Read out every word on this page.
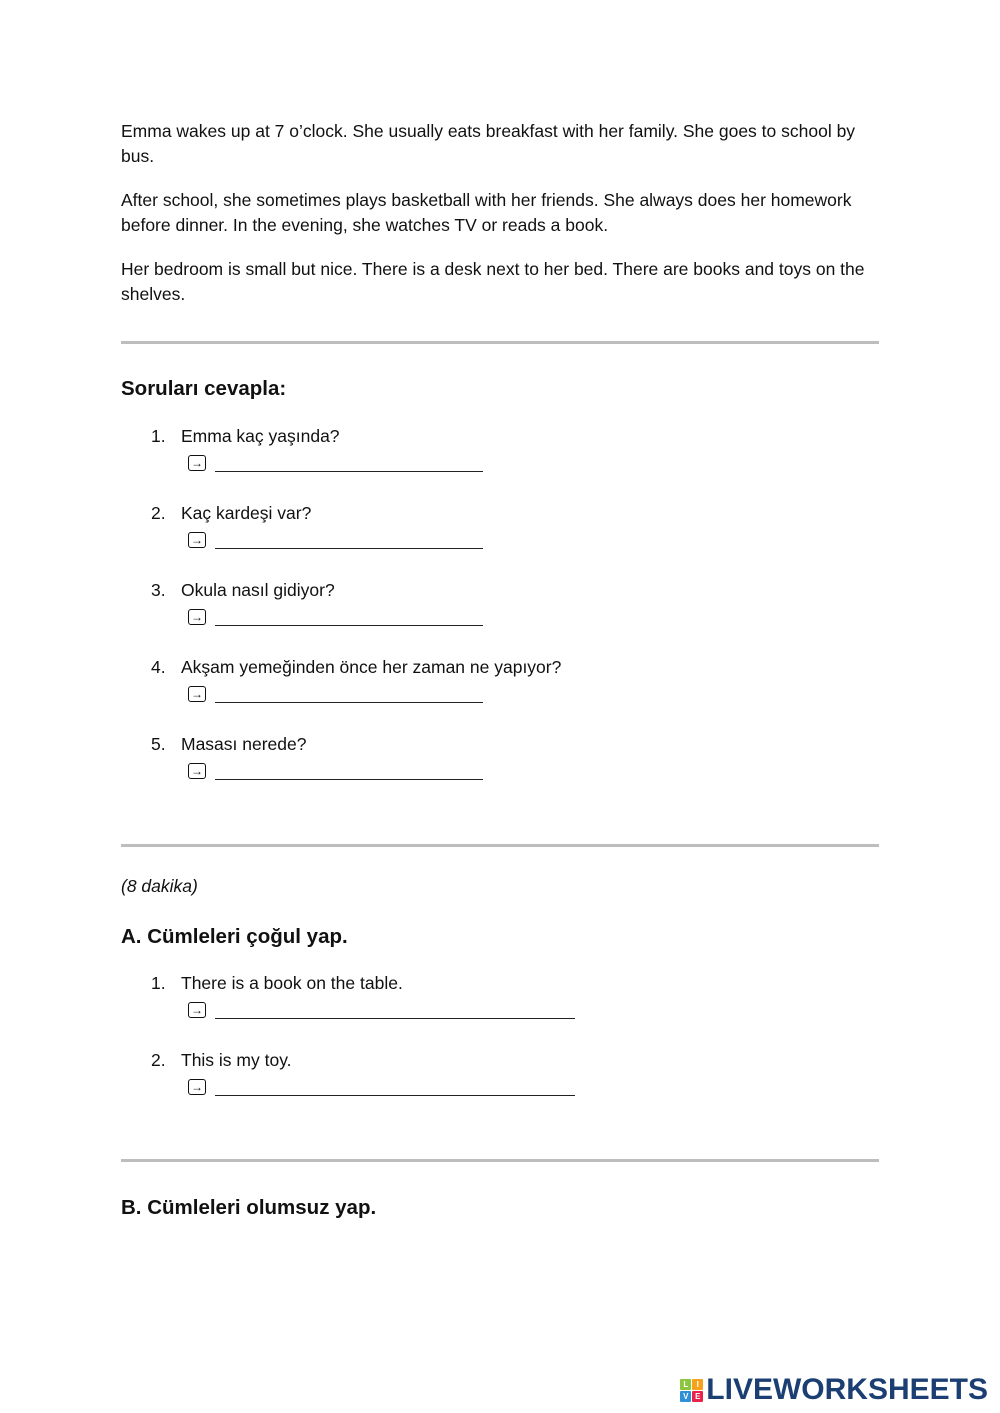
Emma wakes up at 7 o’clock. She usually eats breakfast with her family. She goes to school by bus.

After school, she sometimes plays basketball with her friends. She always does her homework before dinner. In the evening, she watches TV or reads a book.

Her bedroom is small but nice. There is a desk next to her bed. There are books and toys on the shelves.

Soruları cevapla:
1. Emma kaç yaşında?
→
2. Kaç kardeşi var?
→
3. Okula nasıl gidiyor?
→
4. Akşam yemeğinden önce her zaman ne yapıyor?
→
5. Masası nerede?
→
(8 dakika)
A. Cümleleri çoğul yap.
1. There is a book on the table.
→
2. This is my toy.
→
B. Cümleleri olumsuz yap.
L	I
V E LIVEWORKSHEETS
